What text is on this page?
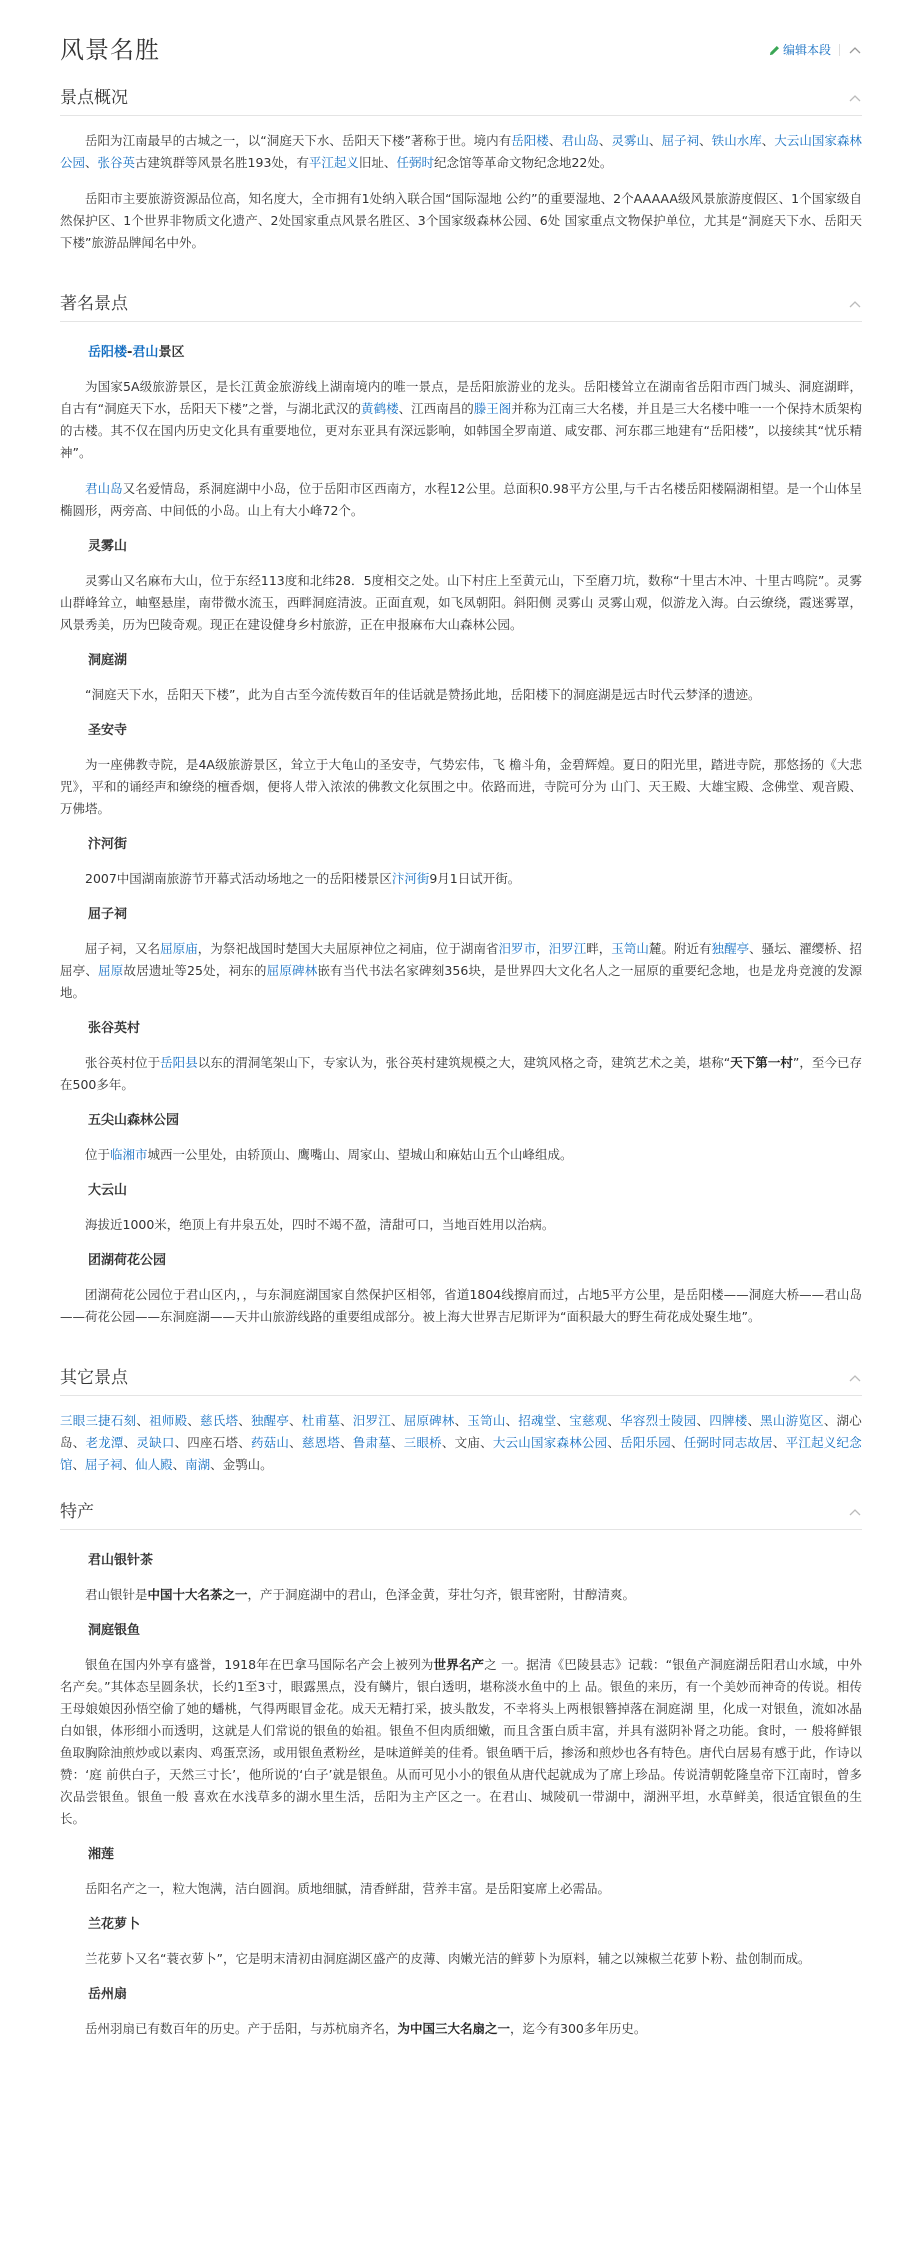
风景名胜	编辑本段
景点概况

岳阳为江南最早的古城之一，以“洞庭天下水、岳阳天下楼”著称于世。境内有岳阳楼、君山岛、灵雾山、屈子祠、铁山水库、大云山国家森林公园、张谷英古建筑群等风景名胜193处，有平江起义旧址、任弼时纪念馆等革命文物纪念地22处。

岳阳市主要旅游资源品位高，知名度大，全市拥有1处纳入联合国“国际湿地 公约”的重要湿地、2个AAAAA级风景旅游度假区、1个国家级自然保护区、1个世界非物质文化遗产、2处国家重点风景名胜区、3个国家级森林公园、6处 国家重点文物保护单位，尤其是“洞庭天下水、岳阳天下楼”旅游品牌闻名中外。

著名景点
岳阳楼-君山景区

为国家5A级旅游景区，是长江黄金旅游线上湖南境内的唯一景点，是岳阳旅游业的龙头。岳阳楼耸立在湖南省岳阳市西门城头、洞庭湖畔，自古有“洞庭天下水，岳阳天下楼”之誉，与湖北武汉的黄鹤楼、江西南昌的滕王阁并称为江南三大名楼，并且是三大名楼中唯一一个保持木质架构的古楼。其不仅在国内历史文化具有重要地位，更对东亚具有深远影响，如韩国全罗南道、咸安郡、河东郡三地建有“岳阳楼”，以接续其“忧乐精神”。

君山岛又名爱情岛，系洞庭湖中小岛，位于岳阳市区西南方，水程12公里。总面积0.98平方公里,与千古名楼岳阳楼隔湖相望。是一个山体呈椭圆形，两旁高、中间低的小岛。山上有大小峰72个。

灵雾山

灵雾山又名麻布大山，位于东经113度和北纬28．5度相交之处。山下村庄上至黄元山，下至磨刀坑，数称“十里古木冲、十里古鸣院”。灵雾山群峰耸立，岫壑悬崖，南带微水流玉，西畔洞庭清波。正面直观，如飞凤朝阳。斜阳侧 灵雾山 灵雾山观，似游龙入海。白云缭绕，霞迷雾罩，风景秀美，历为巴陵奇观。现正在建设健身乡村旅游，正在申报麻布大山森林公园。

洞庭湖

“洞庭天下水，岳阳天下楼”，此为自古至今流传数百年的佳话就是赞扬此地，岳阳楼下的洞庭湖是远古时代云梦泽的遗迹。

圣安寺

为一座佛教寺院，是4A级旅游景区，耸立于大龟山的圣安寺，气势宏伟，飞 檐斗角，金碧辉煌。夏日的阳光里，踏进寺院，那悠扬的《大悲咒》，平和的诵经声和缭绕的檀香烟，便将人带入浓浓的佛教文化氛围之中。依路而进，寺院可分为 山门、天王殿、大雄宝殿、念佛堂、观音殿、万佛塔。

汴河街

2007中国湖南旅游节开幕式活动场地之一的岳阳楼景区汴河街9月1日试开街。

屈子祠

屈子祠，又名屈原庙，为祭祀战国时楚国大夫屈原神位之祠庙，位于湖南省汨罗市，汨罗江畔，玉笥山麓。附近有独醒亭、骚坛、濯缨桥、招屈亭、屈原故居遗址等25处，祠东的屈原碑林嵌有当代书法名家碑刻356块，是世界四大文化名人之一屈原的重要纪念地，也是龙舟竞渡的发源地。

张谷英村

张谷英村位于岳阳县以东的渭洞笔架山下，专家认为，张谷英村建筑规模之大，建筑风格之奇，建筑艺术之美，堪称“天下第一村”，至今已存在500多年。

五尖山森林公园

位于临湘市城西一公里处，由轿顶山、鹰嘴山、周家山、望城山和麻姑山五个山峰组成。

大云山

海拔近1000米，绝顶上有井泉五处，四时不竭不盈，清甜可口，当地百姓用以治病。

团湖荷花公园

团湖荷花公园位于君山区内，，与东洞庭湖国家自然保护区相邻，省道1804线擦肩而过，占地5平方公里，是岳阳楼——洞庭大桥——君山岛——荷花公园——东洞庭湖——天井山旅游线路的重要组成部分。被上海大世界吉尼斯评为“面积最大的野生荷花成处聚生地”。

其它景点

三眼三捷石刻、祖师殿、慈氏塔、独醒亭、杜甫墓、汨罗江、屈原碑林、玉笥山、招魂堂、宝慈观、华容烈士陵园、四牌楼、黑山游览区、湖心岛、老龙潭、灵缺口、四座石塔、药菇山、慈恩塔、鲁肃墓、三眼桥、文庙、大云山国家森林公园、岳阳乐园、任弼时同志故居、平江起义纪念馆、屈子祠、仙人殿、南湖、金鹗山。

特产
君山银针茶

君山银针是中国十大名茶之一，产于洞庭湖中的君山，色泽金黄，芽壮匀齐，银茸密附，甘醇清爽。

洞庭银鱼

银鱼在国内外享有盛誉，1918年在巴拿马国际名产会上被列为世界名产之 一。据清《巴陵县志》记载：“银鱼产洞庭湖岳阳君山水域，中外名产矣。”其体态呈圆条状，长约1至3寸，眼露黑点，没有鳞片，银白透明，堪称淡水鱼中的上 品。银鱼的来历，有一个美妙而神奇的传说。相传王母娘娘因孙悟空偷了她的蟠桃，气得两眼冒金花。成天无精打采，披头散发，不幸将头上两根银簪掉落在洞庭湖 里，化成一对银鱼，流如冰晶白如银，体形细小而透明，这就是人们常说的银鱼的始祖。银鱼不但肉质细嫩，而且含蛋白质丰富，并具有滋阴补肾之功能。食时，一 般将鲜银鱼取胸除油煎炒或以素肉、鸡蛋烹汤，或用银鱼煮粉丝，是味道鲜美的佳肴。银鱼晒干后，掺汤和煎炒也各有特色。唐代白居易有感于此，作诗以赞：‘庭 前供白子，天然三寸长’，他所说的‘白子’就是银鱼。从而可见小小的银鱼从唐代起就成为了席上珍品。传说清朝乾隆皇帝下江南时，曾多次品尝银鱼。银鱼一般 喜欢在水浅草多的湖水里生活，岳阳为主产区之一。在君山、城陵矶一带湖中，湖洲平坦，水草鲜美，很适宜银鱼的生长。

湘莲

岳阳名产之一，粒大饱满，洁白圆润。质地细腻，清香鲜甜，营养丰富。是岳阳宴席上必需品。

兰花萝卜

兰花萝卜又名“蓑衣萝卜”，它是明末清初由洞庭湖区盛产的皮薄、肉嫩光洁的鲜萝卜为原料，辅之以辣椒兰花萝卜粉、盐创制而成。

岳州扇

岳州羽扇已有数百年的历史。产于岳阳，与苏杭扇齐名，为中国三大名扇之一，迄今有300多年历史。
